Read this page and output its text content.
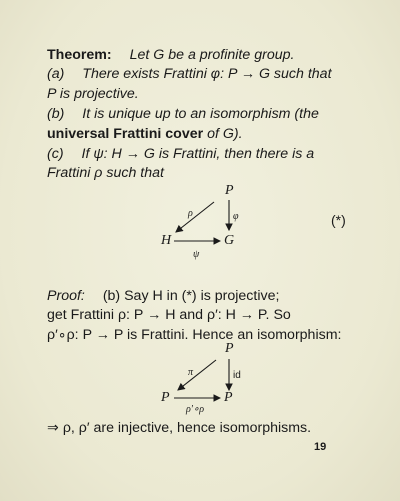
Theorem: Let G be a profinite group.
(a) There exists Frattini φ: P → G such that
P is projective.
(b) It is unique up to an isomorphism (the
universal Frattini cover of G).
(c) If ψ: H → G is Frattini, then there is a
Frattini ρ such that
P
H	G
ρ	φ
ψ
(*)
Proof: (b) Say H in (*) is projective;
get Frattini ρ: P → H and ρ′: H → P. So
ρ′∘ρ: P → P is Frattini. Hence an isomorphism:
P
P	P
π	id
ρ′∘ρ
⇒ ρ, ρ′ are injective, hence isomorphisms.
19
